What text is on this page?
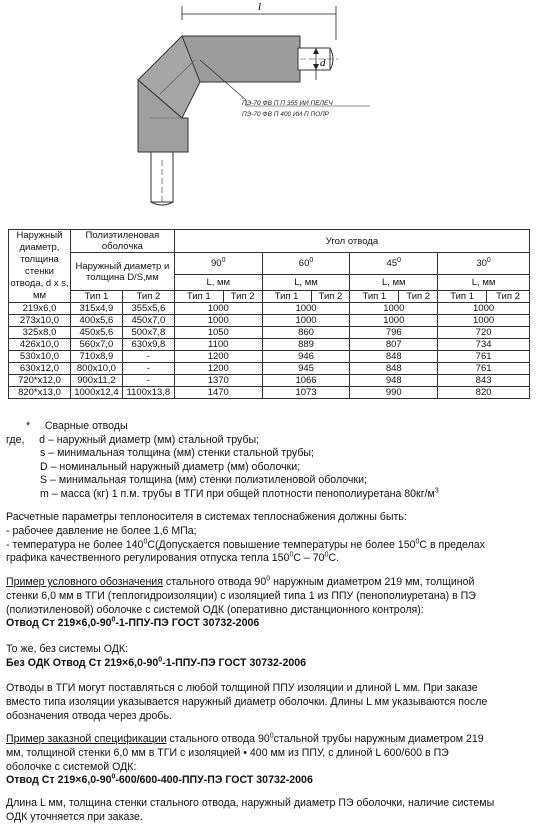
l
d
ПЭ-70 ФВ П П 355 ИИ ПЕЛЕЧ
ПЭ-70 ФВ П 400 ИИ П ПОЛР
Наружный диаметр, толщина стенки отвода, d x s, мм	Полиэтиленовая оболочка		Угол отвода							
	Наружный диаметр и толщина D/S,мм		$90^0$		$60^0$		$45^0$		$30^0$
			L, мм		L, мм		L, мм		L, мм	
	Тип 1	Тип 2	Тип 1	Тип 2	Тип 1	Тип 2	Тип 1	Тип 2	Тип 1	Тип 2
219х6,0	315х4,9	355х5,6	1000		1000		1000		1000	
273х10,0	400х5,6	450х7,0	1000		1000		1000		1000	
325х8,0	450х5,6	500х7,8	1050		860		796		720	
426х10,0	560х7,0	630х9,8	1100		889		807		734	
530х10,0	710х8,9	-	1200		946		848		761	
630х12,0	800х10,0	-	1200		945		848		761	
720*х12,0	900х11,2	-	1370		1066		948		843	
820*х13,0	1000х12,4	1100х13,8	1470		1073		990		820	
* Сварные отводы
где, d – наружный диаметр (мм) стальной трубы;
s – минимальная толщина (мм) стенки стальной трубы;
D – номинальный наружный диаметр (мм) оболочки;
S – минимальная толщина (мм) стенки полиэтиленовой оболочки;
m – масса (кг) 1 п.м. трубы в ТГИ при общей плотности пенополиуретана $80кг/м^3$
Расчетные параметры теплоносителя в системах теплоснабжения должны быть:
- рабочее давление не более 1,6 МПа;
- температура не более $140^0С(Допускается$ повышение температуры не более $150^0С$ в пределах
графика качественного регулирования отпуска тепла $150^0С - 70^0С$.
Пример условного обозначения стального отвода $90^0$ наружным диаметром 219 мм, толщиной
стенки 6,0 мм в ТГИ (теплогидроизоляции) с изоляцией типа 1 из ППУ (пенополиуретана) в ПЭ
(полиэтиленовой) оболочке с системой ОДК (оперативно дистанционного контроля):
Отвод Ст $219\times 6,0-90^0-1-ППУ-ПЭ$ ГОСТ 30732-2006
То же, без системы ОДК:
Без ОДК Отвод Ст $219\times 6,0-90^0-1-ППУ-ПЭ$ ГОСТ 30732-2006
Отводы в ТГИ могут поставляться с любой толщиной ППУ изоляции и длиной L мм. При заказе
вместо типа изоляции указывается наружный диаметр оболочки. Длины L мм указываются после
обозначения отвода через дробь.
Пример заказной спецификации стального отвода $90^0стальной$ трубы наружным диаметром 219
мм, толщиной стенки 6,0 мм в ТГИ с изоляцией • 400 мм из ППУ, с длиной L 600/600 в ПЭ
оболочке с системой ОДК:
Отвод Ст $219\times 6,0-90^0-600/600-400-ППУ-ПЭ$ ГОСТ 30732-2006
Длина L мм, толщина стенки стального отвода, наружный диаметр ПЭ оболочки, наличие системы
ОДК уточняется при заказе.
